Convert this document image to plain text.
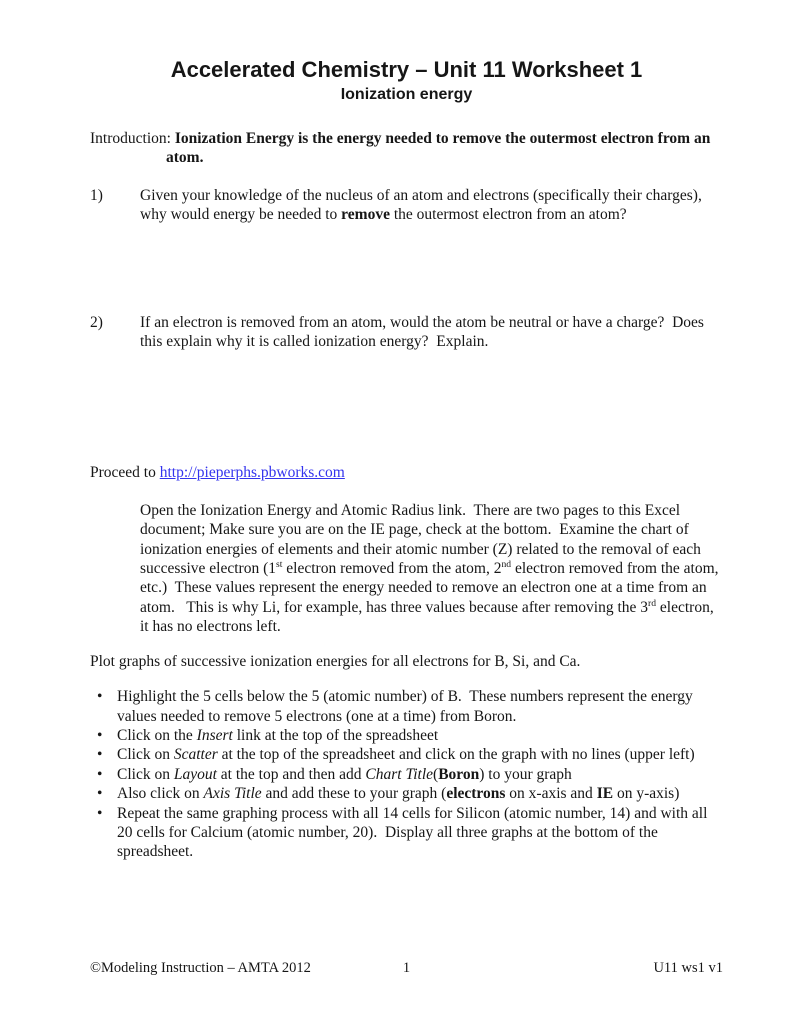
Accelerated Chemistry – Unit 11 Worksheet 1
Ionization energy

Introduction: Ionization Energy is the energy needed to remove the outermost electron from an atom.

1)	Given your knowledge of the nucleus of an atom and electrons (specifically their charges), why would energy be needed to remove the outermost electron from an atom?
2)	If an electron is removed from an atom, would the atom be neutral or have a charge?  Does this explain why it is called ionization energy?  Explain.

Proceed to http://pieperphs.pbworks.com

Open the Ionization Energy and Atomic Radius link.  There are two pages to this Excel document; Make sure you are on the IE page, check at the bottom.  Examine the chart of ionization energies of elements and their atomic number (Z) related to the removal of each successive electron (1st electron removed from the atom, 2nd electron removed from the atom, etc.)  These values represent the energy needed to remove an electron one at a time from an atom.   This is why Li, for example, has three values because after removing the 3rd electron, it has no electrons left.

Plot graphs of successive ionization energies for all electrons for B, Si, and Ca.

• Highlight the 5 cells below the 5 (atomic number) of B.  These numbers represent the energy values needed to remove 5 electrons (one at a time) from Boron.
• Click on the Insert link at the top of the spreadsheet
• Click on Scatter at the top of the spreadsheet and click on the graph with no lines (upper left)
• Click on Layout at the top and then add Chart Title(Boron) to your graph
• Also click on Axis Title and add these to your graph (electrons on x-axis and IE on y-axis)
• Repeat the same graphing process with all 14 cells for Silicon (atomic number, 14) and with all 20 cells for Calcium (atomic number, 20).  Display all three graphs at the bottom of the spreadsheet.
©Modeling Instruction – AMTA 2012	1	U11 ws1 v1
